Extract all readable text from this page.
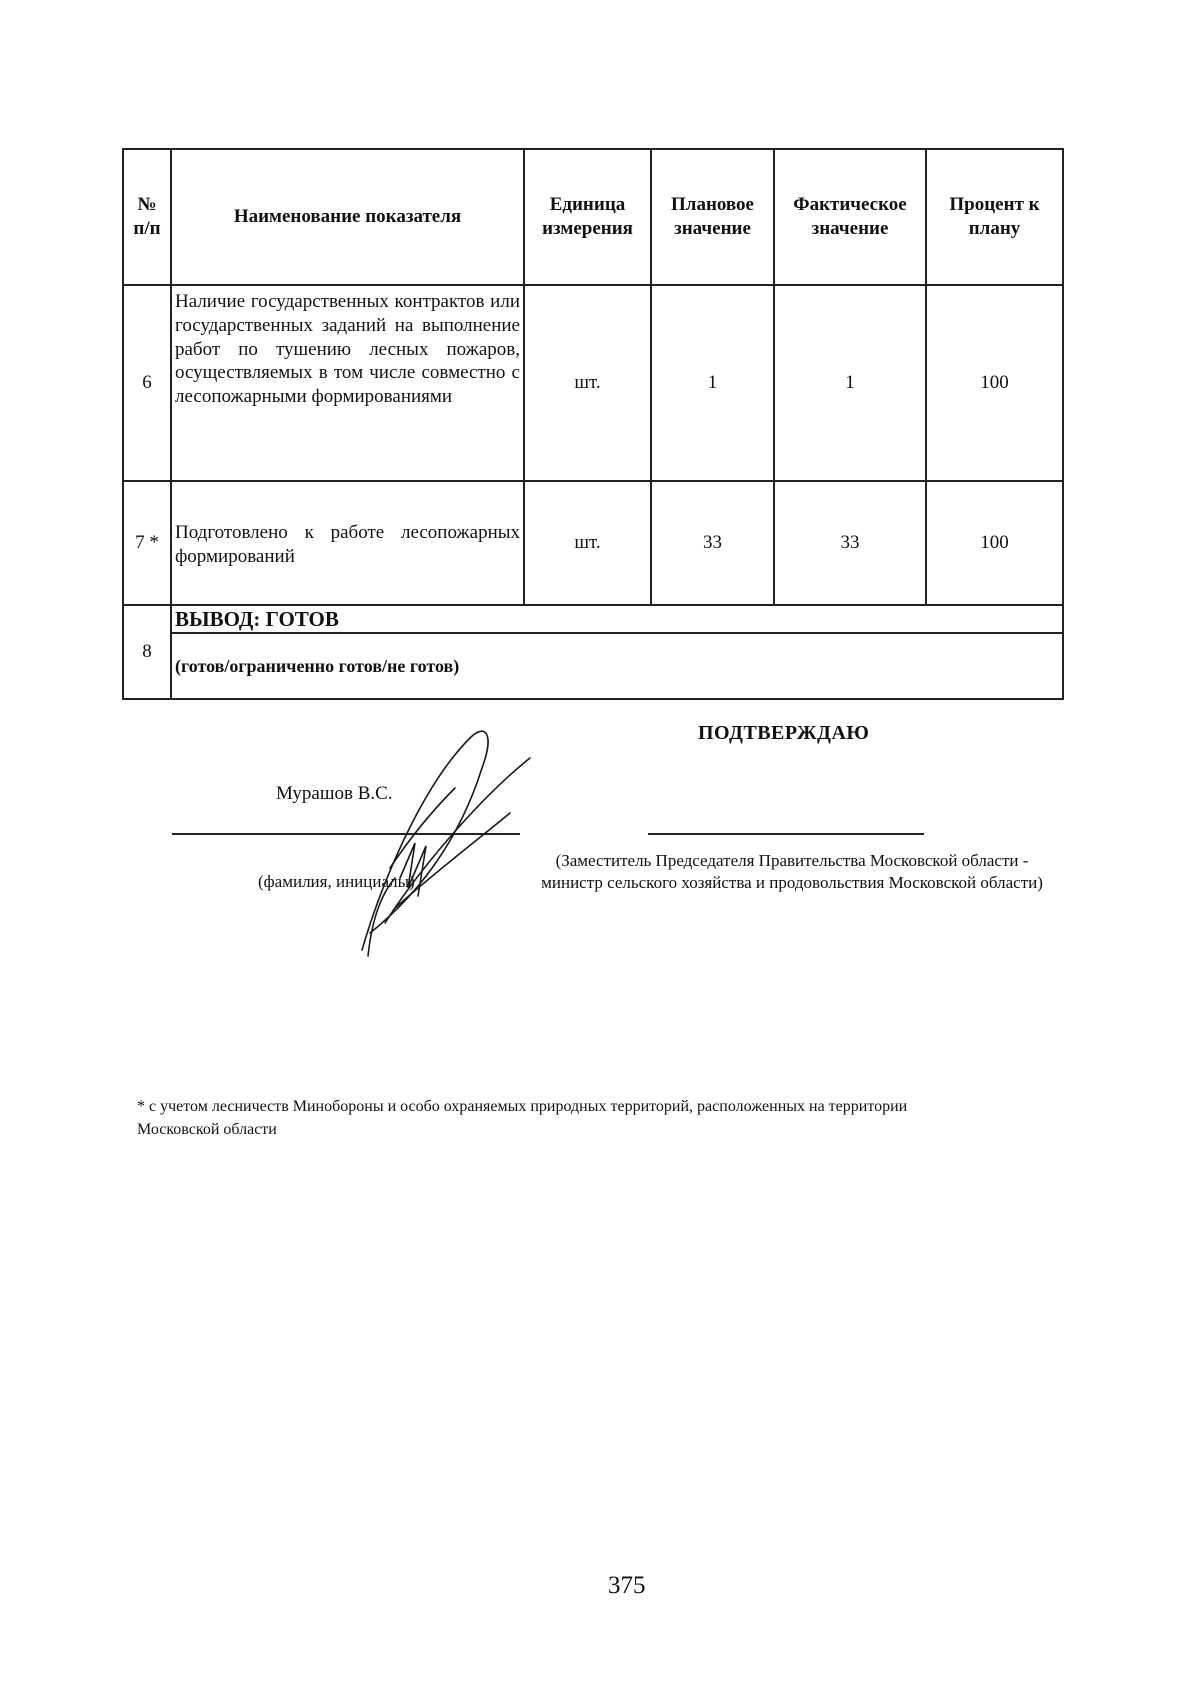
№ п/п	Наименование показателя	Единица измерения	Плановое значение	Фактическое значение	Процент к плану
6	Наличие государственных контрактов или государственных заданий на выполнение работ по тушению лесных пожаров, осуществляемых в том числе совместно с лесопожарными формированиями	шт.	1	1	100
7 *	Подготовлено к работе лесопожарных формирований	шт.	33	33	100
8	ВЫВОД: ГОТОВ				
	(готов/ограниченно готов/не готов)				
Мурашов В.С.
(фамилия, инициалы)
ПОДТВЕРЖДАЮ
(Заместитель Председателя Правительства Московской области - министр сельского хозяйства и продовольствия Московской области)
* с учетом лесничеств Минобороны и особо охраняемых природных территорий, расположенных на территории Московской области
375
